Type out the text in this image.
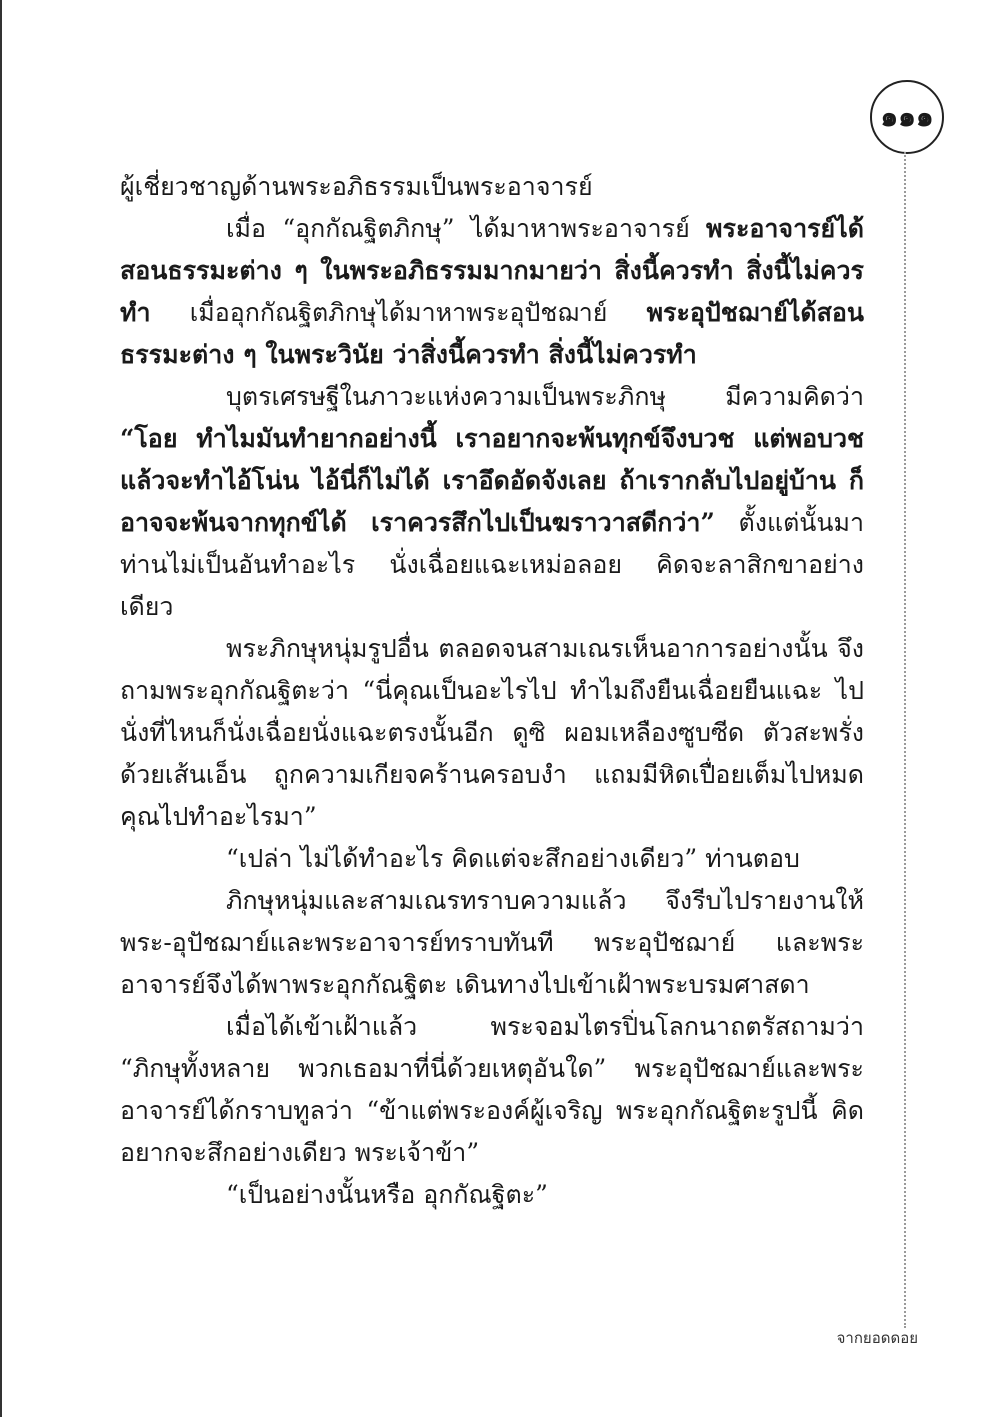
๑๑๑

ผู้เชี่ยวชาญด้านพระอภิธรรมเป็นพระอาจารย์

เมื่อ “อุกกัณฐิตภิกษุ” ได้มาหาพระอาจารย์ พระอาจารย์ได้สอนธรรมะต่าง ๆ ในพระอภิธรรมมากมายว่า สิ่งนี้ควรทำ สิ่งนี้ไม่ควรทำ เมื่ออุกกัณฐิตภิกษุได้มาหาพระอุปัชฌาย์ พระอุปัชฌาย์ได้สอนธรรมะต่าง ๆ ในพระวินัย ว่าสิ่งนี้ควรทำ สิ่งนี้ไม่ควรทำ

บุตรเศรษฐีในภาวะแห่งความเป็นพระภิกษุ มีความคิดว่า “โอย ทำไมมันทำยากอย่างนี้ เราอยากจะพ้นทุกข์จึงบวช แต่พอบวชแล้วจะทำไอ้โน่น ไอ้นี่ก็ไม่ได้ เราอึดอัดจังเลย ถ้าเรากลับไปอยู่บ้าน ก็อาจจะพ้นจากทุกข์ได้ เราควรสึกไปเป็นฆราวาสดีกว่า” ตั้งแต่นั้นมาท่านไม่เป็นอันทำอะไร นั่งเฉื่อยแฉะเหม่อลอย คิดจะลาสิกขาอย่างเดียว

พระภิกษุหนุ่มรูปอื่น ตลอดจนสามเณรเห็นอาการอย่างนั้น จึงถามพระอุกกัณฐิตะว่า “นี่คุณเป็นอะไรไป ทำไมถึงยืนเฉื่อยยืนแฉะ ไปนั่งที่ไหนก็นั่งเฉื่อยนั่งแฉะตรงนั้นอีก ดูซิ ผอมเหลืองซูบซีด ตัวสะพรั่งด้วยเส้นเอ็น ถูกความเกียจคร้านครอบงำ แถมมีหิดเปื่อยเต็มไปหมด คุณไปทำอะไรมา”

“เปล่า ไม่ได้ทำอะไร คิดแต่จะสึกอย่างเดียว” ท่านตอบ

ภิกษุหนุ่มและสามเณรทราบความแล้ว จึงรีบไปรายงานให้พระ-อุปัชฌาย์และพระอาจารย์ทราบทันที พระอุปัชฌาย์ และพระอาจารย์จึงได้พาพระอุกกัณฐิตะ เดินทางไปเข้าเฝ้าพระบรมศาสดา

เมื่อได้เข้าเฝ้าแล้ว พระจอมไตรปิ่นโลกนาถตรัสถามว่า “ภิกษุทั้งหลาย พวกเธอมาที่นี่ด้วยเหตุอันใด” พระอุปัชฌาย์และพระอาจารย์ได้กราบทูลว่า “ข้าแต่พระองค์ผู้เจริญ พระอุกกัณฐิตะรูปนี้ คิดอยากจะสึกอย่างเดียว พระเจ้าข้า”

“เป็นอย่างนั้นหรือ อุกกัณฐิตะ”

จากยอดดอย
